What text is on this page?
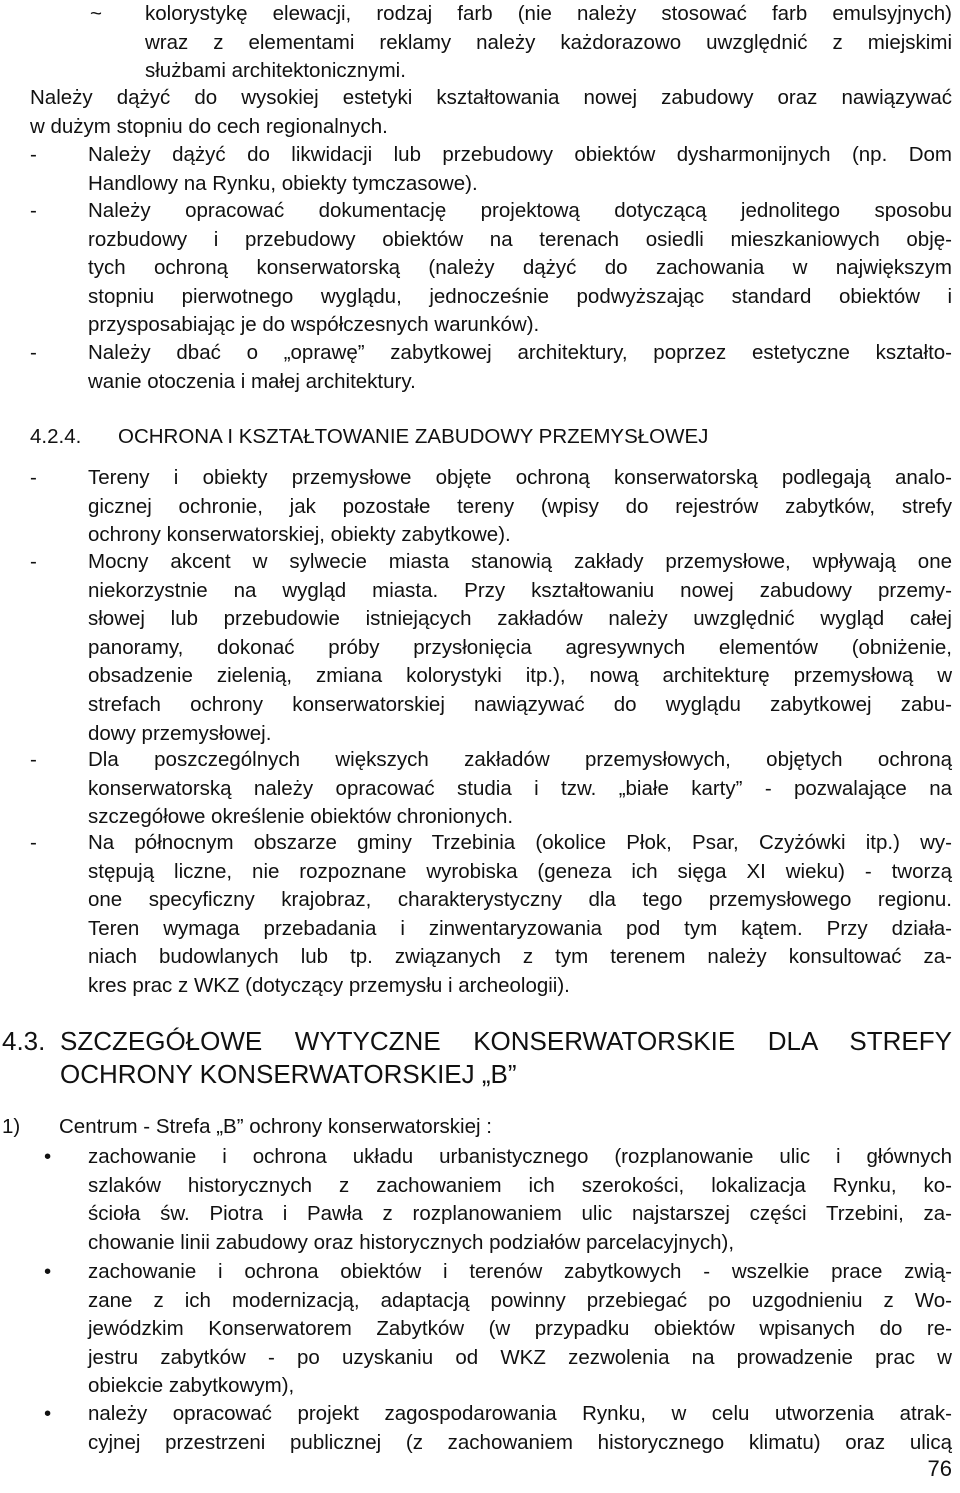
~ kolorystykę elewacji, rodzaj farb (nie należy stosować farb emulsyjnych)
wraz z elementami reklamy należy każdorazowo uwzględnić z miejskimi
służbami architektonicznymi.
Należy dążyć do wysokiej estetyki kształtowania nowej zabudowy oraz nawiązywać
w dużym stopniu do cech regionalnych.
- Należy dążyć do likwidacji lub przebudowy obiektów dysharmonijnych (np. Dom
Handlowy na Rynku, obiekty tymczasowe).
- Należy opracować dokumentację projektową dotyczącą jednolitego sposobu
rozbudowy i przebudowy obiektów na terenach osiedli mieszkaniowych obję-
tych ochroną konserwatorską (należy dążyć do zachowania w największym
stopniu pierwotnego wyglądu, jednocześnie podwyższając standard obiektów i
przysposabiając je do współczesnych warunków).
- Należy dbać o „oprawę” zabytkowej architektury, poprzez estetyczne kształto-
wanie otoczenia i małej architektury.
4.2.4. OCHRONA I KSZTAŁTOWANIE ZABUDOWY PRZEMYSŁOWEJ
- Tereny i obiekty przemysłowe objęte ochroną konserwatorską podlegają analo-
gicznej ochronie, jak pozostałe tereny (wpisy do rejestrów zabytków, strefy
ochrony konserwatorskiej, obiekty zabytkowe).
- Mocny akcent w sylwecie miasta stanowią zakłady przemysłowe, wpływają one
niekorzystnie na wygląd miasta. Przy kształtowaniu nowej zabudowy przemy-
słowej lub przebudowie istniejących zakładów należy uwzględnić wygląd całej
panoramy, dokonać próby przysłonięcia agresywnych elementów (obniżenie,
obsadzenie zielenią, zmiana kolorystyki itp.), nową architekturę przemysłową w
strefach ochrony konserwatorskiej nawiązywać do wyglądu zabytkowej zabu-
dowy przemysłowej.
- Dla poszczególnych większych zakładów przemysłowych, objętych ochroną
konserwatorską należy opracować studia i tzw. „białe karty” - pozwalające na
szczegółowe określenie obiektów chronionych.
- Na północnym obszarze gminy Trzebinia (okolice Płok, Psar, Czyżówki itp.) wy-
stępują liczne, nie rozpoznane wyrobiska (geneza ich sięga XI wieku) - tworzą
one specyficzny krajobraz, charakterystyczny dla tego przemysłowego regionu.
Teren wymaga przebadania i zinwentaryzowania pod tym kątem. Przy działa-
niach budowlanych lub tp. związanych z tym terenem należy konsultować za-
kres prac z WKZ (dotyczący przemysłu i archeologii).
4.3. SZCZEGÓŁOWE WYTYCZNE KONSERWATORSKIE DLA STREFY
OCHRONY KONSERWATORSKIEJ „B”
1) Centrum - Strefa „B” ochrony konserwatorskiej :
• zachowanie i ochrona układu urbanistycznego (rozplanowanie ulic i głównych
szlaków historycznych z zachowaniem ich szerokości, lokalizacja Rynku, ko-
ścioła św. Piotra i Pawła z rozplanowaniem ulic najstarszej części Trzebini, za-
chowanie linii zabudowy oraz historycznych podziałów parcelacyjnych),
• zachowanie i ochrona obiektów i terenów zabytkowych - wszelkie prace zwią-
zane z ich modernizacją, adaptacją powinny przebiegać po uzgodnieniu z Wo-
jewódzkim Konserwatorem Zabytków (w przypadku obiektów wpisanych do re-
jestru zabytków - po uzyskaniu od WKZ zezwolenia na prowadzenie prac w
obiekcie zabytkowym),
• należy opracować projekt zagospodarowania Rynku, w celu utworzenia atrak-
cyjnej przestrzeni publicznej (z zachowaniem historycznego klimatu) oraz ulicą
76
